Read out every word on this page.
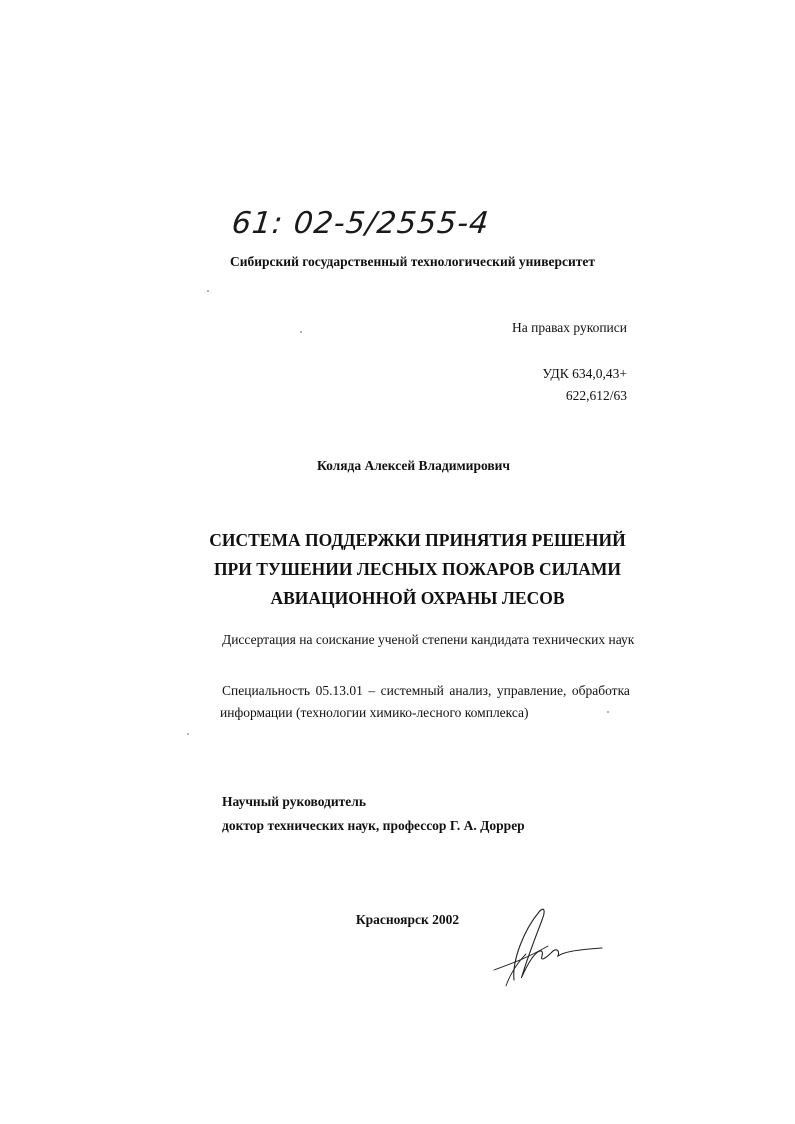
61: 02-5/2555-4
Сибирский государственный технологический университет
На правах рукописи
УДК 634,0,43+
622,612/63
Коляда Алексей Владимирович
СИСТЕМА ПОДДЕРЖКИ ПРИНЯТИЯ РЕШЕНИЙ
ПРИ ТУШЕНИИ ЛЕСНЫХ ПОЖАРОВ СИЛАМИ
АВИАЦИОННОЙ ОХРАНЫ ЛЕСОВ
Диссертация на соискание ученой степени кандидата технических наук
Специальность 05.13.01 – системный анализ, управление, обработка
информации (технологии химико-лесного комплекса)
Научный руководитель
доктор технических наук, профессор Г. А. Доррер
Красноярск 2002
